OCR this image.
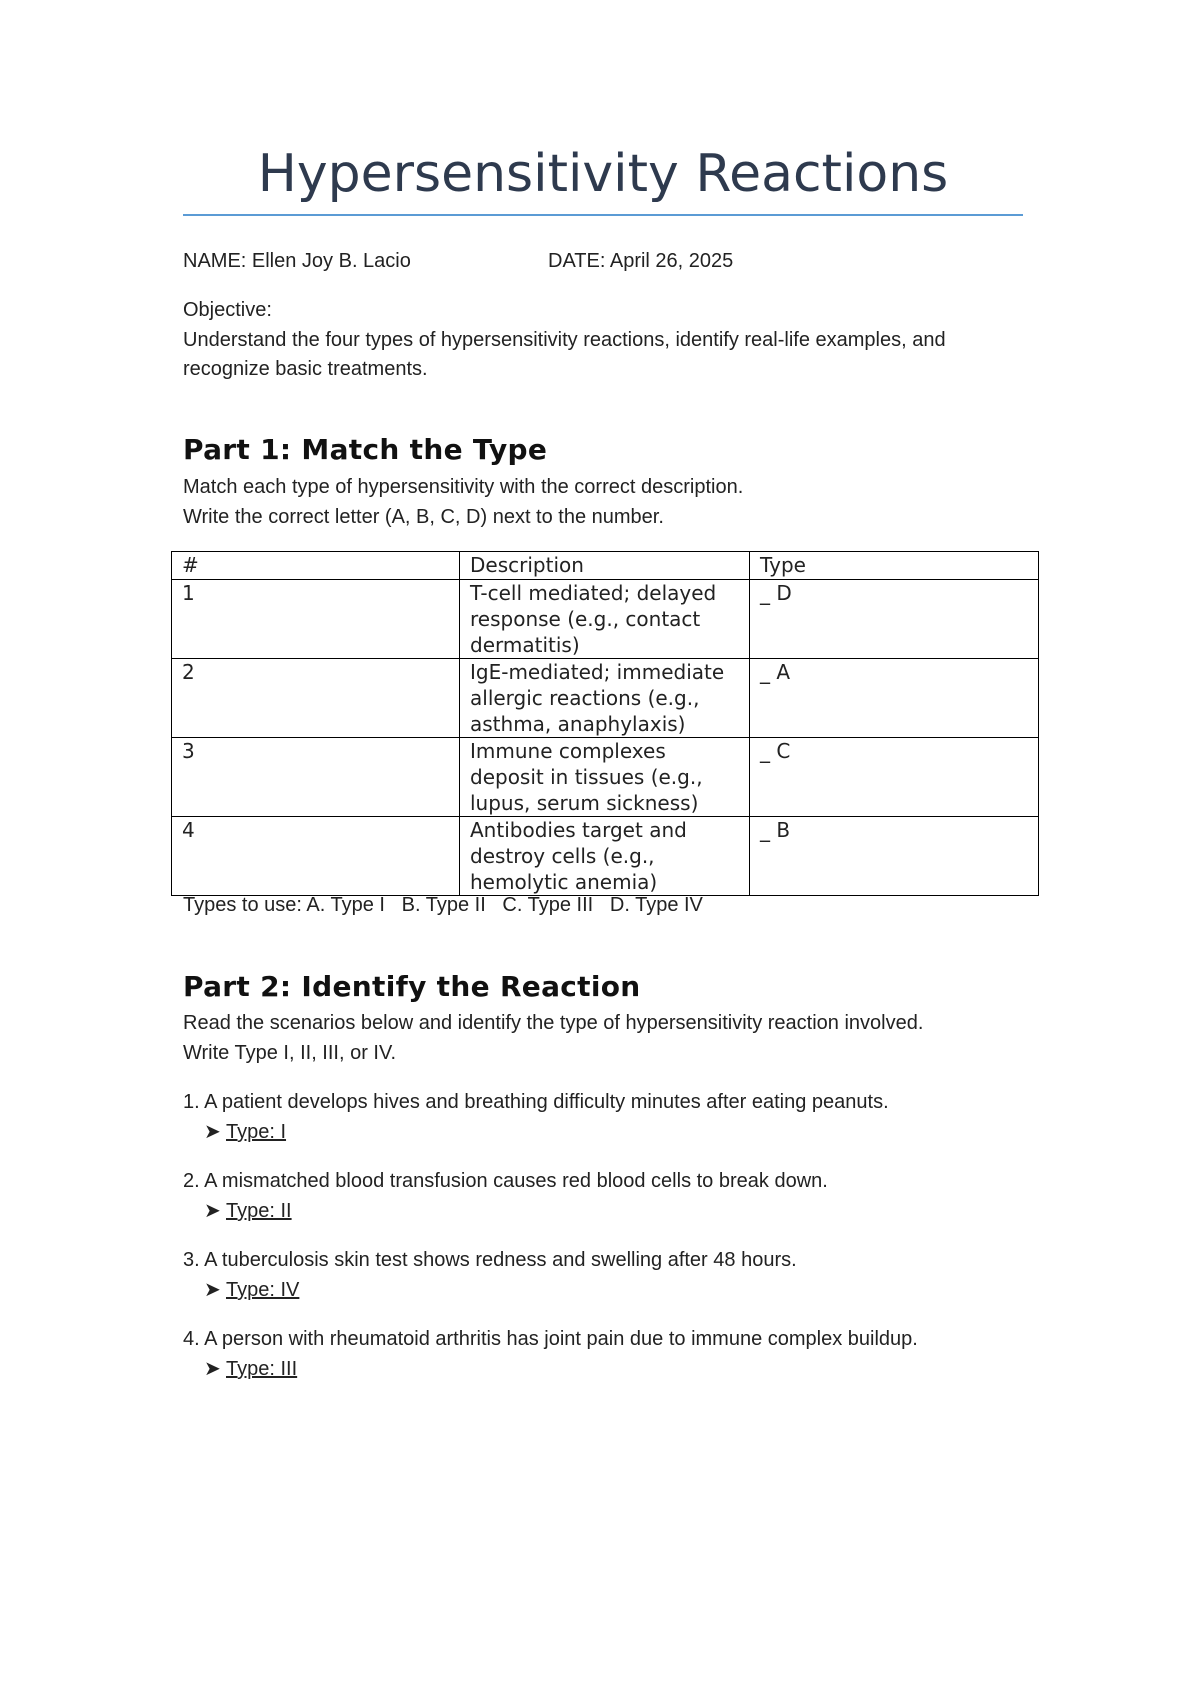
Hypersensitivity Reactions

NAME: Ellen Joy B. Lacio	DATE: April 26, 2025

Objective:

Understand the four types of hypersensitivity reactions, identify real-life examples, and recognize basic treatments.

Part 1: Match the Type

Match each type of hypersensitivity with the correct description.

Write the correct letter (A, B, C, D) next to the number.

#	Description	Type
1	T-cell mediated; delayed response (e.g., contact dermatitis)	_ D
2	IgE-mediated; immediate allergic reactions (e.g., asthma, anaphylaxis)	_ A
3	Immune complexes deposit in tissues (e.g., lupus, serum sickness)	_ C
4	Antibodies target and destroy cells (e.g., hemolytic anemia)	_ B

Types to use: A. Type I   B. Type II   C. Type III   D. Type IV

Part 2: Identify the Reaction

Read the scenarios below and identify the type of hypersensitivity reaction involved.

Write Type I, II, III, or IV.

1. A patient develops hives and breathing difficulty minutes after eating peanuts.

➤ Type: I

2. A mismatched blood transfusion causes red blood cells to break down.

➤ Type: II

3. A tuberculosis skin test shows redness and swelling after 48 hours.

➤ Type: IV

4. A person with rheumatoid arthritis has joint pain due to immune complex buildup.

➤ Type: III
